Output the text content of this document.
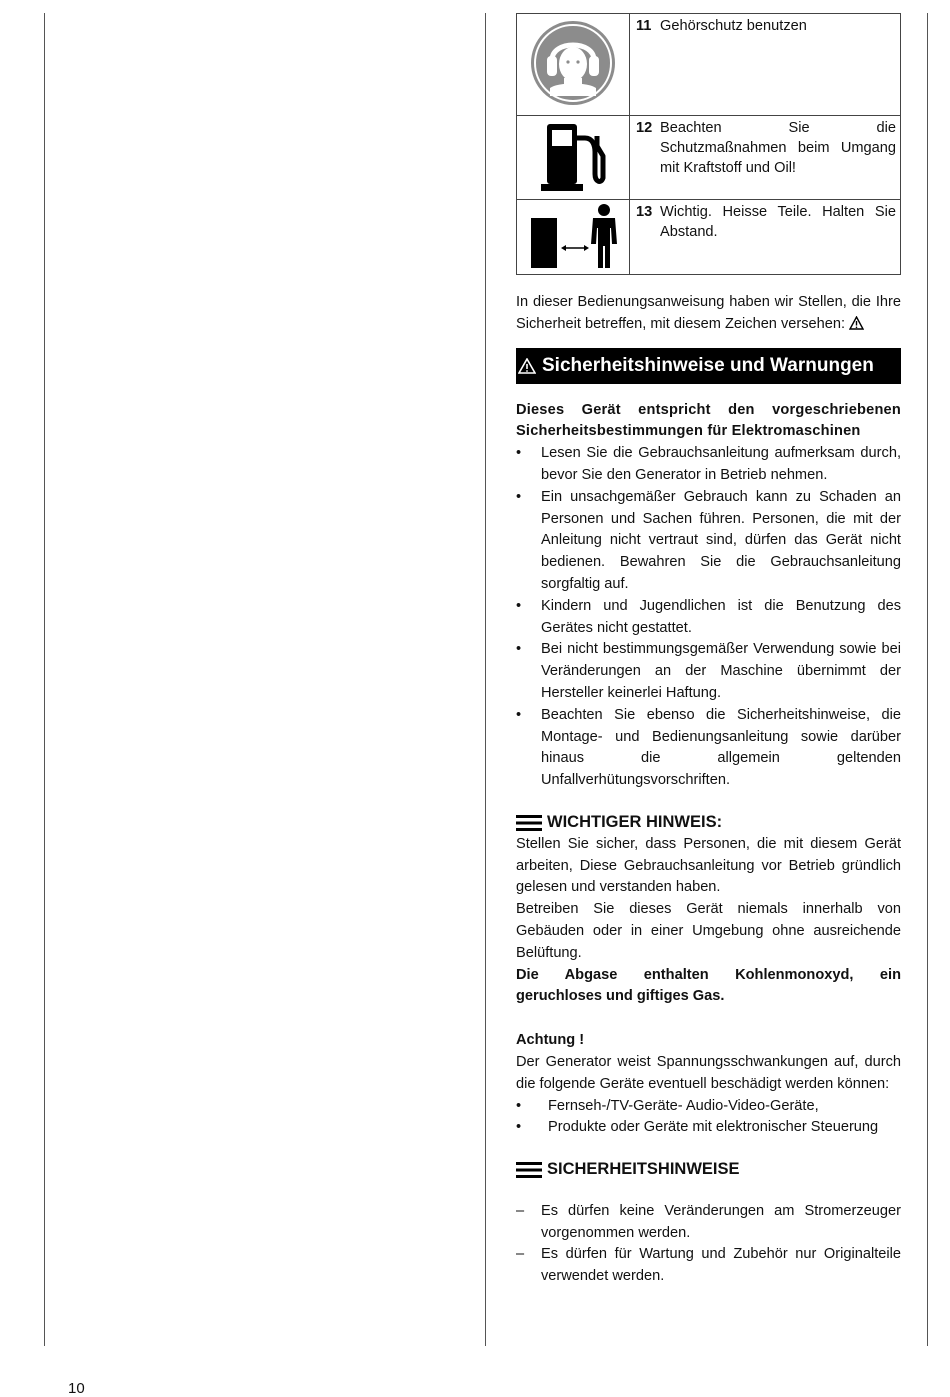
11 Gehörschutz benutzen

12 Beachten Sie die Schutzmaßnahmen beim Umgang mit Kraftstoff und Oil!

13 Wichtig. Heisse Teile. Halten Sie Abstand.

In dieser Bedienungsanweisung haben wir Stellen, die Ihre Sicherheit betreffen, mit diesem Zeichen versehen:

Sicherheitshinweise und Warnungen

Dieses Gerät entspricht den vorgeschriebenen Sicherheitsbestimmungen für Elektromaschinen

• Lesen Sie die Gebrauchsanleitung aufmerksam durch, bevor Sie den Generator in Betrieb nehmen.
• Ein unsachgemäßer Gebrauch kann zu Schaden an Personen und Sachen führen. Personen, die mit der Anleitung nicht vertraut sind, dürfen das Gerät nicht bedienen. Bewahren Sie die Gebrauchsanleitung sorgfaltig auf.
• Kindern und Jugendlichen ist die Benutzung des Gerätes nicht gestattet.
• Bei nicht bestimmungsgemäßer Verwendung sowie bei Veränderungen an der Maschine übernimmt der Hersteller keinerlei Haftung.
• Beachten Sie ebenso die Sicherheitshinweise, die Montage- und Bedienungsanleitung sowie darüber hinaus die allgemein geltenden Unfallverhütungsvorschriften.
WICHTIGER HINWEIS:

Stellen Sie sicher, dass Personen, die mit diesem Gerät arbeiten, Diese Gebrauchsanleitung vor Betrieb gründlich gelesen und verstanden haben.

Betreiben Sie dieses Gerät niemals innerhalb von Gebäuden oder in einer Umgebung ohne ausreichende Belüftung.

Die Abgase enthalten Kohlenmonoxyd, ein geruchloses und giftiges Gas.

Achtung !

Der Generator weist Spannungsschwankungen auf, durch die folgende Geräte eventuell beschädigt werden können:

• Fernseh-/TV-Geräte- Audio-Video-Geräte,
• Produkte oder Geräte mit elektronischer Steuerung
SICHERHEITSHINWEISE
– Es dürfen keine Veränderungen am Stromerzeuger vorgenommen werden.
– Es dürfen für Wartung und Zubehör nur Originalteile verwendet werden.
10
